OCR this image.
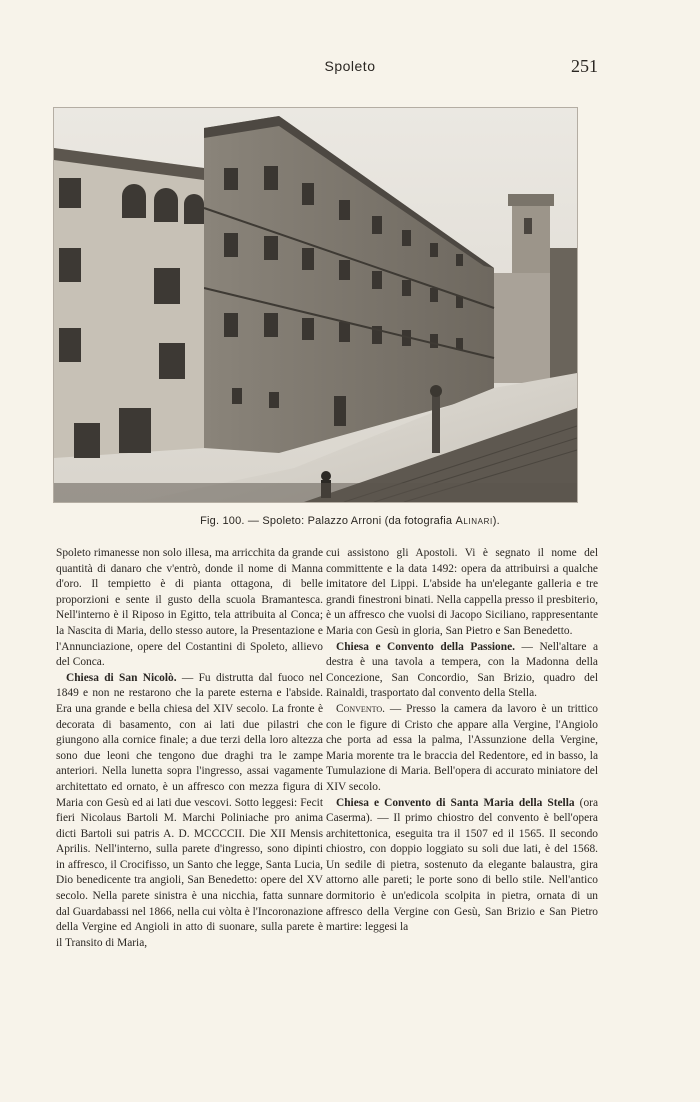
Spoleto	251
Fig. 100. — Spoleto: Palazzo Arroni (da fotografia Alinari).

Spoleto rimanesse non solo illesa, ma arricchita da grande quantità di danaro che v'entrò, donde il nome di Manna d'oro. Il tempietto è di pianta ottagona, di belle proporzioni e sente il gusto della scuola Bramantesca. Nell'interno è il Riposo in Egitto, tela attribuita al Conca; la Nascita di Maria, dello stesso autore, la Presentazione e l'Annunciazione, opere del Costantini di Spoleto, allievo del Conca.

Chiesa di San Nicolò. — Fu distrutta dal fuoco nel 1849 e non ne restarono che la parete esterna e l'abside. Era una grande e bella chiesa del XIV secolo. La fronte è decorata di basamento, con ai lati due pilastri che giungono alla cornice finale; a due terzi della loro altezza sono due leoni che tengono due draghi tra le zampe anteriori. Nella lunetta sopra l'ingresso, assai vagamente architettato ed ornato, è un affresco con mezza figura di Maria con Gesù ed ai lati due vescovi. Sotto leggesi: Fecit fieri Nicolaus Bartoli M. Marchi Poliniache pro anima dicti Bartoli sui patris A. D. MCCCCII. Die XII Mensis Aprilis. Nell'interno, sulla parete d'ingresso, sono dipinti in affresco, il Crocifisso, un Santo che legge, Santa Lucia, Dio benedicente tra angioli, San Benedetto: opere del XV secolo. Nella parete sinistra è una nicchia, fatta sunnare dal Guardabassi nel 1866, nella cui vòlta è l'Incoronazione della Vergine ed Angioli in atto di suonare, sulla parete è il Transito di Maria,

cui assistono gli Apostoli. Vi è segnato il nome del committente e la data 1492: opera da attribuirsi a qualche imitatore del Lippi. L'abside ha un'elegante galleria e tre grandi finestroni binati. Nella cappella presso il presbiterio, è un affresco che vuolsi di Jacopo Siciliano, rappresentante Maria con Gesù in gloria, San Pietro e San Benedetto.

Chiesa e Convento della Passione. — Nell'altare a destra è una tavola a tempera, con la Madonna della Concezione, San Concordio, San Brizio, quadro del Rainaldi, trasportato dal convento della Stella.

Convento. — Presso la camera da lavoro è un trittico con le figure di Cristo che appare alla Vergine, l'Angiolo che porta ad essa la palma, l'Assunzione della Vergine, Maria morente tra le braccia del Redentore, ed in basso, la Tumulazione di Maria. Bell'opera di accurato miniatore del XIV secolo.

Chiesa e Convento di Santa Maria della Stella (ora Caserma). — Il primo chiostro del convento è bell'opera architettonica, eseguita tra il 1507 ed il 1565. Il secondo chiostro, con doppio loggiato su soli due lati, è del 1568. Un sedile di pietra, sostenuto da elegante balaustra, gira attorno alle pareti; le porte sono di bello stile. Nell'antico dormitorio è un'edicola scolpita in pietra, ornata di un affresco della Vergine con Gesù, San Brizio e San Pietro martire: leggesi la
